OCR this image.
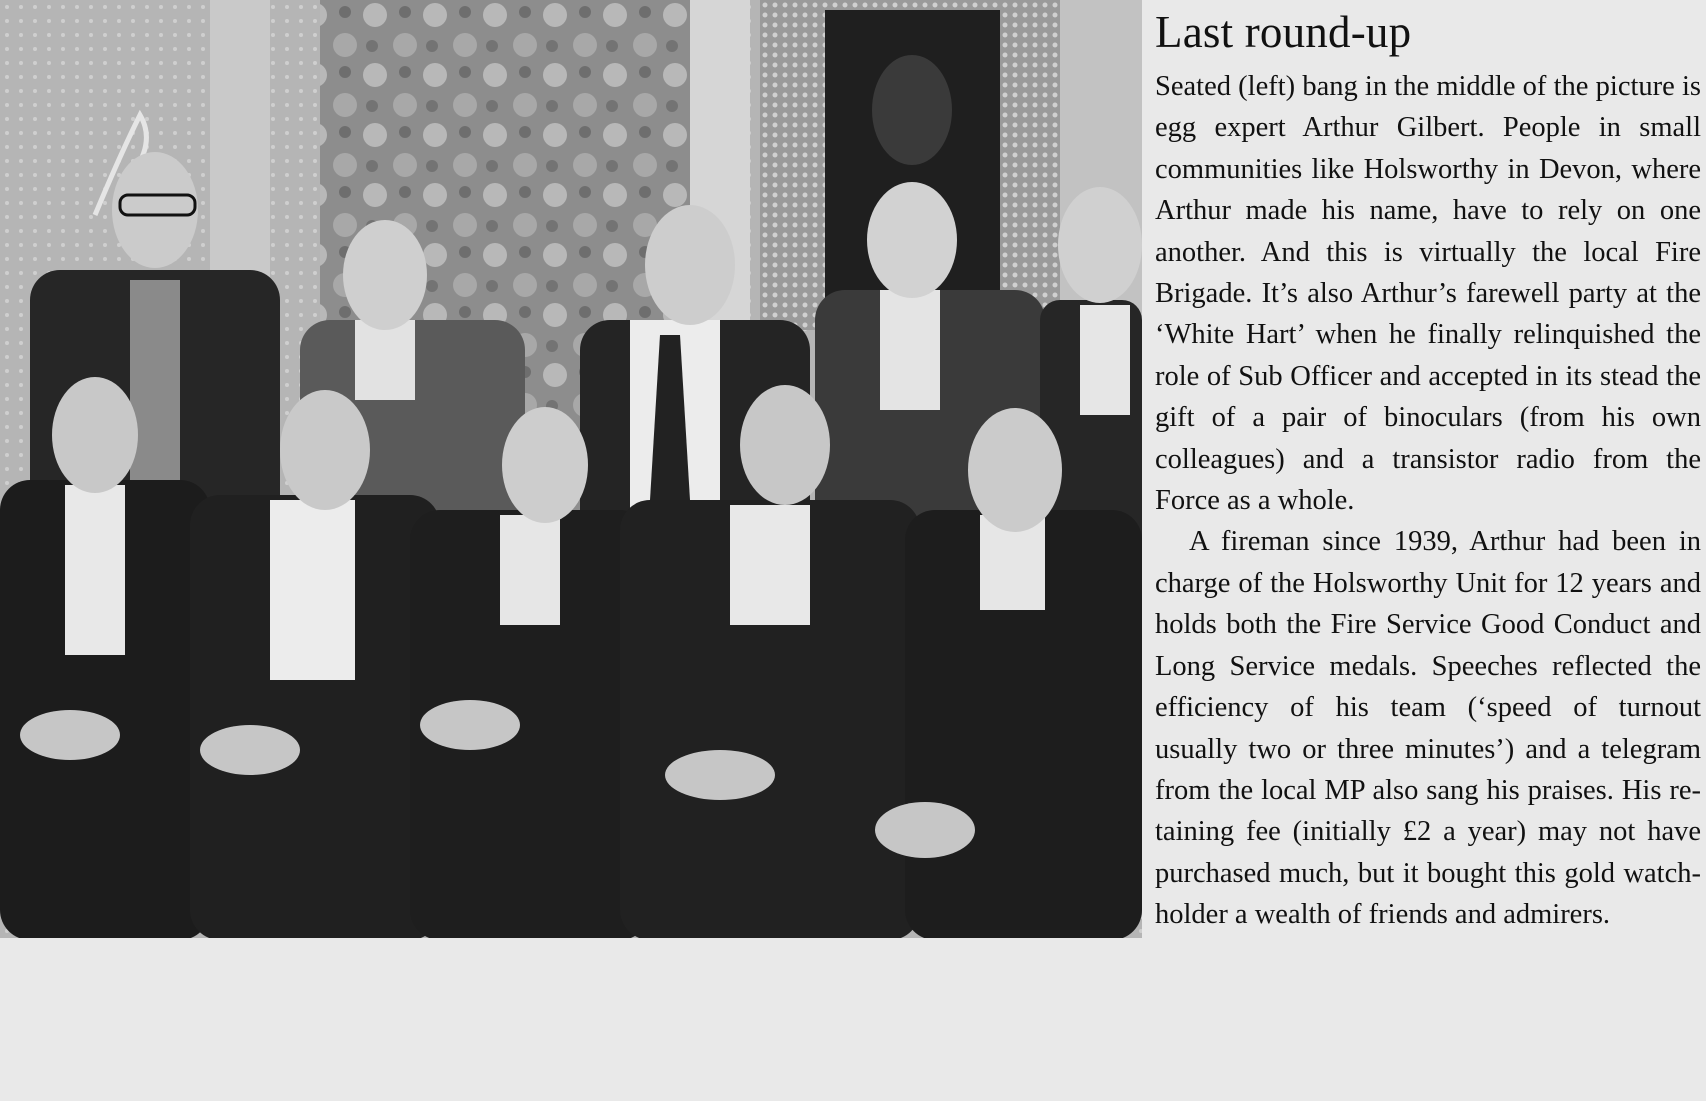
Last round-up

Seated (left) bang in the middle of the picture is egg expert Arthur Gilbert. People in small communities like Holsworthy in Devon, where Arthur made his name, have to rely on one another. And this is virtually the local Fire Brigade. It’s also Arthur’s farewell party at the ‘White Hart’ when he finally relinquished the role of Sub Officer and accepted in its stead the gift of a pair of binoculars (from his own colleagues) and a transistor radio from the Force as a whole.

A fireman since 1939, Arthur had been in charge of the Holsworthy Unit for 12 years and holds both the Fire Service Good Conduct and Long Service medals. Speeches reflected the efficiency of his team (‘speed of turnout usually two or three minutes’) and a telegram from the local MP also sang his praises. His retaining fee (initially £2 a year) may not have purchased much, but it bought this gold watch-holder a wealth of friends and admirers.
